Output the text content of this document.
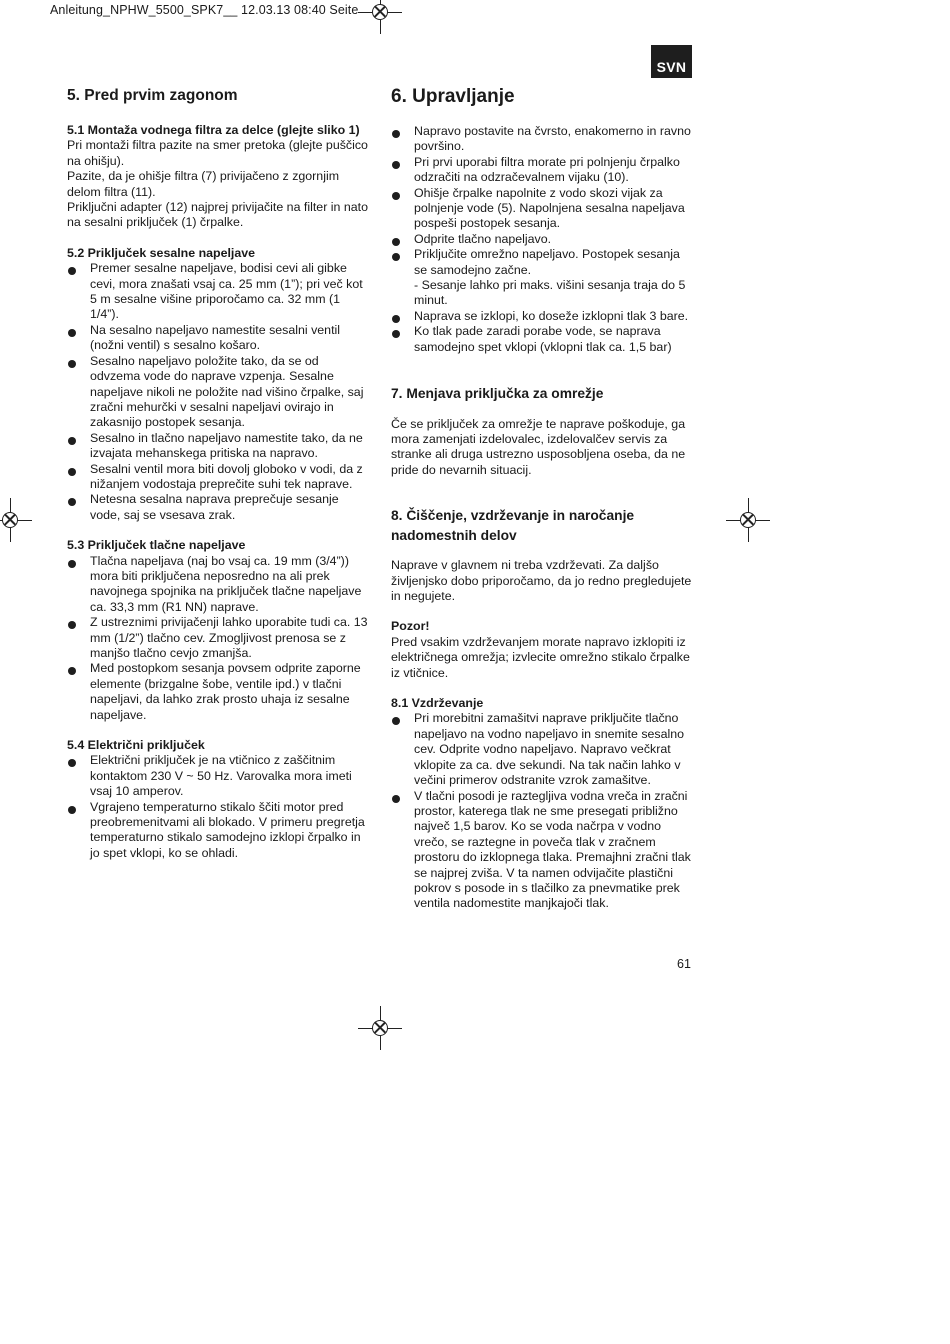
Anleitung_NPHW_5500_SPK7__ 12.03.13 08:40 Seite
SVN
5. Pred prvim zagonom

5.1 Montaža vodnega filtra za delce (glejte sliko 1)

Pri montaži filtra pazite na smer pretoka (glejte puščico na ohišju).

Pazite, da je ohišje filtra (7) privijačeno z zgornjim delom filtra (11).

Priključni adapter (12) najprej privijačite na filter in nato na sesalni priključek (1) črpalke.

5.2 Priključek sesalne napeljave

Premer sesalne napeljave, bodisi cevi ali gibke cevi, mora znašati vsaj ca. 25 mm (1”); pri več kot 5 m sesalne višine priporočamo ca. 32 mm (1 1/4”).
Na sesalno napeljavo namestite sesalni ventil (nožni ventil) s sesalno košaro.
Sesalno napeljavo položite tako, da se od odvzema vode do naprave vzpenja. Sesalne napeljave nikoli ne položite nad višino črpalke, saj zračni mehurčki v sesalni napeljavi ovirajo in zakasnijo postopek sesanja.
Sesalno in tlačno napeljavo namestite tako, da ne izvajata mehanskega pritiska na napravo.
Sesalni ventil mora biti dovolj globoko v vodi, da z nižanjem vodostaja preprečite suhi tek naprave.
Netesna sesalna naprava preprečuje sesanje vode, saj se vsesava zrak.

5.3 Priključek tlačne napeljave

Tlačna napeljava (naj bo vsaj ca. 19 mm (3/4”)) mora biti priključena neposredno na ali prek navojnega spojnika na priključek tlačne napeljave ca. 33,3 mm (R1 NN) naprave.
Z ustreznimi privijačenji lahko uporabite tudi ca. 13 mm (1/2”) tlačno cev. Zmogljivost prenosa se z manjšo tlačno cevjo zmanjša.
Med postopkom sesanja povsem odprite zaporne elemente (brizgalne šobe, ventile ipd.) v tlačni napeljavi, da lahko zrak prosto uhaja iz sesalne napeljave.

5.4 Električni priključek

Električni priključek je na vtičnico z zaščitnim kontaktom 230 V ~ 50 Hz. Varovalka mora imeti vsaj 10 amperov.
Vgrajeno temperaturno stikalo ščiti motor pred preobremenitvami ali blokado. V primeru pregretja temperaturno stikalo samodejno izklopi črpalko in jo spet vklopi, ko se ohladi.
6. Upravljanje
Napravo postavite na čvrsto, enakomerno in ravno površino.
Pri prvi uporabi filtra morate pri polnjenju črpalko odzračiti na odzračevalnem vijaku (10).
Ohišje črpalke napolnite z vodo skozi vijak za polnjenje vode (5). Napolnjena sesalna napeljava pospeši postopek sesanja.
Odprite tlačno napeljavo.
Priključite omrežno napeljavo. Postopek sesanja se samodejno začne.
- Sesanje lahko pri maks. višini sesanja traja do 5 minut.
Naprava se izklopi, ko doseže izklopni tlak 3 bare.
Ko tlak pade zaradi porabe vode, se naprava samodejno spet vklopi (vklopni tlak ca. 1,5 bar)
7. Menjava priključka za omrežje

Če se priključek za omrežje te naprave poškoduje, ga mora zamenjati izdelovalec, izdelovalčev servis za stranke ali druga ustrezno usposobljena oseba, da ne pride do nevarnih situacij.

8. Čiščenje, vzdrževanje in naročanje nadomestnih delov

Naprave v glavnem ni treba vzdrževati. Za daljšo življenjsko dobo priporočamo, da jo redno pregledujete in negujete.

Pozor!

Pred vsakim vzdrževanjem morate napravo izklopiti iz električnega omrežja; izvlecite omrežno stikalo črpalke iz vtičnice.

8.1 Vzdrževanje

Pri morebitni zamašitvi naprave priključite tlačno napeljavo na vodno napeljavo in snemite sesalno cev. Odprite vodno napeljavo. Napravo večkrat vklopite za ca. dve sekundi. Na tak način lahko v večini primerov odstranite vzrok zamašitve.
V tlačni posodi je raztegljiva vodna vreča in zračni prostor, katerega tlak ne sme presegati približno največ 1,5 barov. Ko se voda načrpa v vodno vrečo, se raztegne in poveča tlak v zračnem prostoru do izklopnega tlaka. Premajhni zračni tlak se najprej zviša. V ta namen odvijačite plastični pokrov s posode in s tlačilko za pnevmatike prek ventila nadomestite manjkajoči tlak.
61
